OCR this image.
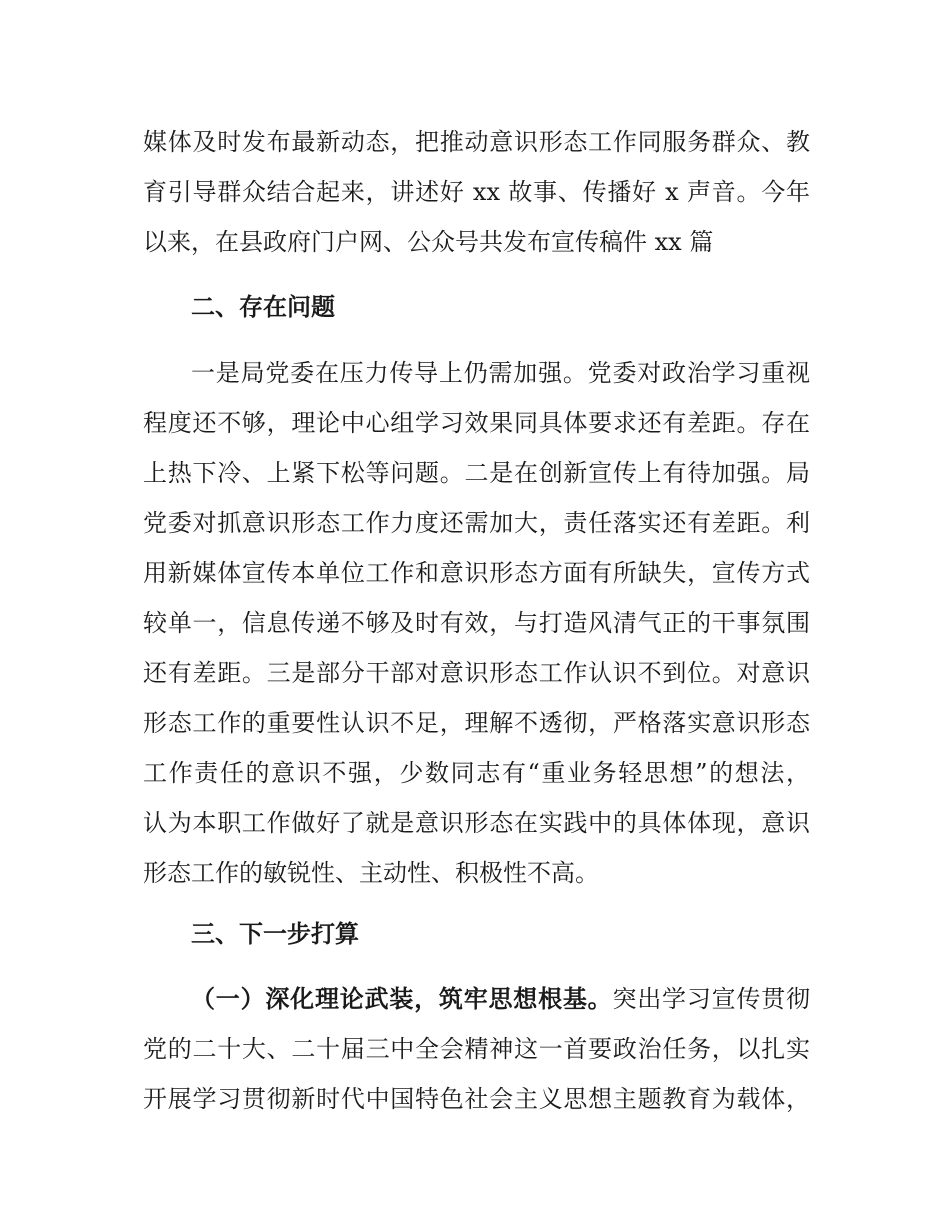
媒体及时发布最新动态，把推动意识形态工作同服务群众、教
育引导群众结合起来，讲述好 xx 故事、传播好 x 声音。今年
以来，在县政府门户网、公众号共发布宣传稿件 xx 篇
二、存在问题
一是局党委在压力传导上仍需加强。党委对政治学习重视
程度还不够，理论中心组学习效果同具体要求还有差距。存在
上热下冷、上紧下松等问题。二是在创新宣传上有待加强。局
党委对抓意识形态工作力度还需加大，责任落实还有差距。利
用新媒体宣传本单位工作和意识形态方面有所缺失，宣传方式
较单一，信息传递不够及时有效，与打造风清气正的干事氛围
还有差距。三是部分干部对意识形态工作认识不到位。对意识
形态工作的重要性认识不足，理解不透彻，严格落实意识形态
工作责任的意识不强，少数同志有“重业务轻思想”的想法，
认为本职工作做好了就是意识形态在实践中的具体体现，意识
形态工作的敏锐性、主动性、积极性不高。
三、下一步打算
（一）深化理论武装，筑牢思想根基。突出学习宣传贯彻
党的二十大、二十届三中全会精神这一首要政治任务，以扎实
开展学习贯彻新时代中国特色社会主义思想主题教育为载体，
